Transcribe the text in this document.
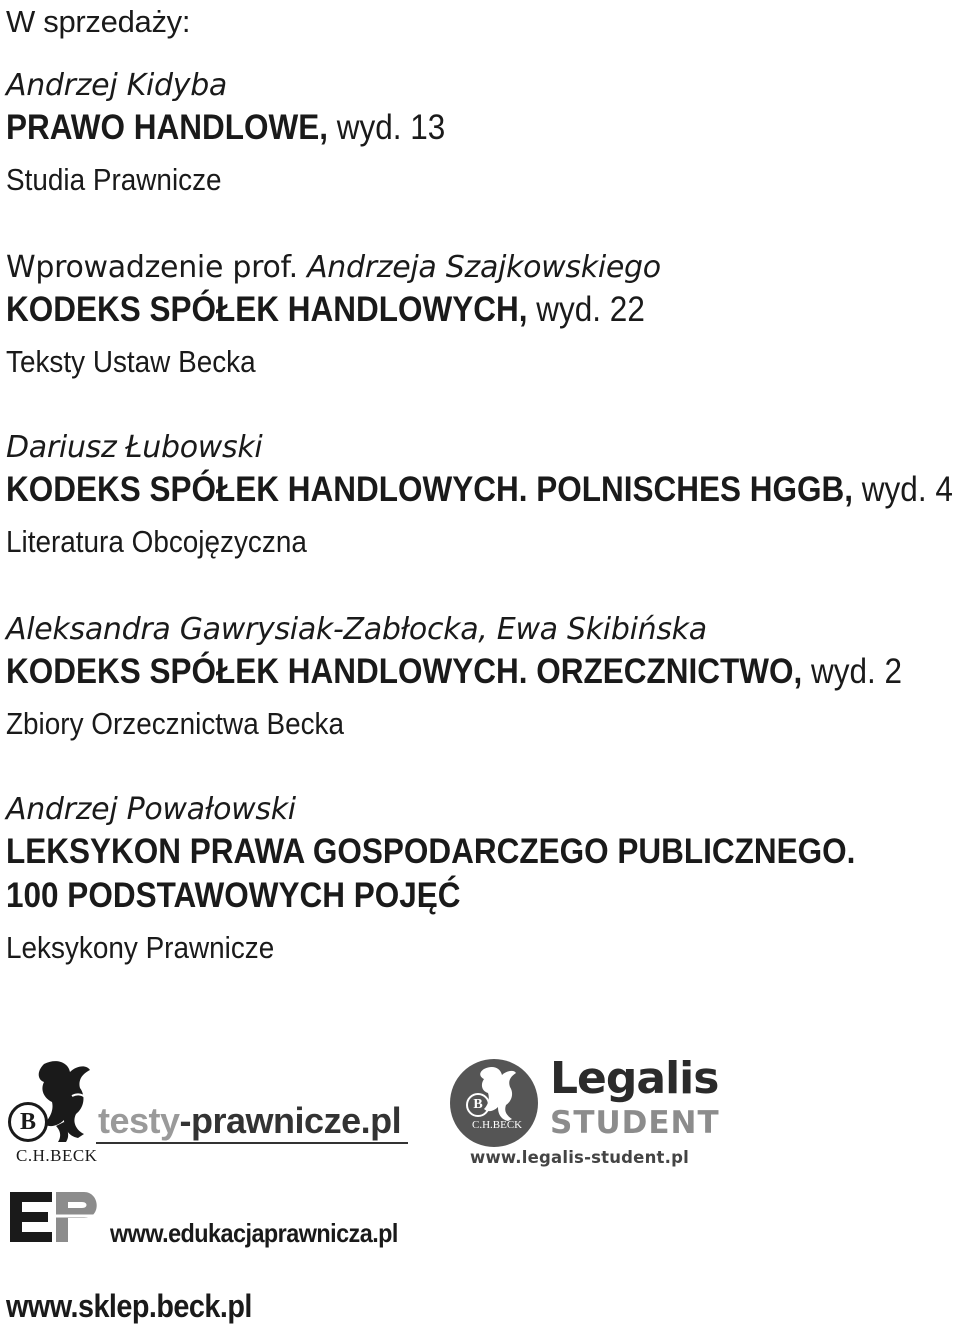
W sprzedaży:
Andrzej Kidyba
PRAWO HANDLOWE, wyd. 13
Studia Prawnicze
Wprowadzenie prof. Andrzeja Szajkowskiego
KODEKS SPÓŁEK HANDLOWYCH, wyd. 22
Teksty Ustaw Becka
Dariusz Łubowski
KODEKS SPÓŁEK HANDLOWYCH. POLNISCHES HGGB, wyd. 4
Literatura Obcojęzyczna
Aleksandra Gawrysiak-Zabłocka, Ewa Skibińska
KODEKS SPÓŁEK HANDLOWYCH. ORZECZNICTWO, wyd. 2
Zbiory Orzecznictwa Becka
Andrzej Powałowski
LEKSYKON PRAWA GOSPODARCZEGO PUBLICZNEGO.
100 PODSTAWOWYCH POJĘĆ
Leksykony Prawnicze
B testy-prawnicze.pl
C.H.BECK
B
C.H.BECK
Legalis
STUDENT
www.legalis-student.pl
www.edukacjaprawnicza.pl
www.sklep.beck.pl
